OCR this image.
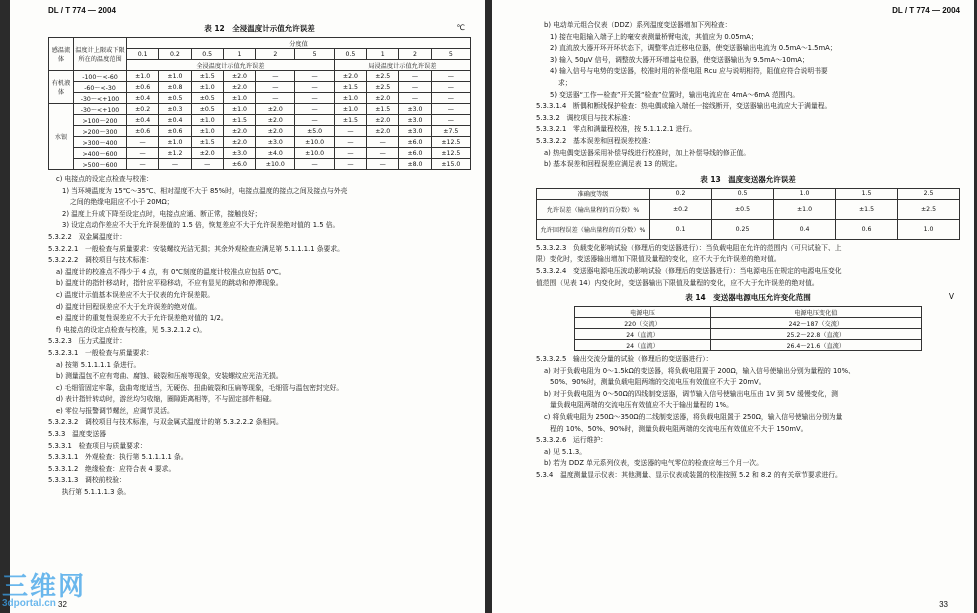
DL / T 774 — 2004
表 12　全浸温度计示值允许误差	℃
感温流体	温度计上限或下限所在的温度范围	分度值									
		0.1	0.2	0.5	1	2	5	0.5	1	2	5
		全浸温度计示值允许误差						局浸温度计示值允许误差			
有机液体	-100～<-60	±1.0	±1.0	±1.5	±2.0	—	—	±2.0	±2.5	—	—
	-60～<-30	±0.6	±0.8	±1.0	±2.0	—	—	±1.5	±2.5	—	—
	-30～<+100	±0.4	±0.5	±0.5	±1.0	—	—	±1.0	±2.0	—	—
水银	-30～<+100	±0.2	±0.3	±0.5	±1.0	±2.0	—	±1.0	±1.5	±3.0	—
	>100～200	±0.4	±0.4	±1.0	±1.5	±2.0	—	±1.5	±2.0	±3.0	—
	>200～300	±0.6	±0.6	±1.0	±2.0	±2.0	±5.0	—	±2.0	±3.0	±7.5
	>300～400	—	±1.0	±1.5	±2.0	±3.0	±10.0	—	—	±6.0	±12.5
	>400～600	—	±1.2	±2.0	±3.0	±4.0	±10.0	—	—	±6.0	±12.5
	>500～600	—	—	—	±6.0	±10.0	—	—	—	±8.0	±15.0

c) 电接点的设定点检查与校准：

1) 当环境温度为 15℃～35℃、相对湿度不大于 85%时，电接点温度的接点之间及接点与外壳

之间的绝缘电阻应不小于 20MΩ；

2) 温度上升或下降至设定点时，电接点应通、断正常，接触良好；

3) 设定点动作差应不大于允许误差值的 1.5 倍，恢复差应不大于允许误差绝对值的 1.5 倍。

5.3.2.2　双金属温度计：

5.3.2.2.1　一般检查与质量要求：安装螺纹光洁无损；其余外观检查应满足第 5.1.1.1.1 条要求。

5.3.2.2.2　调校项目与技术标准：

a) 温度计的校准点不得少于 4 点，有 0℃刻度的温度计校准点应包括 0℃。

b) 温度计的指针移动时，指针应平稳移动，不应有显见的跳动和停滞现象。

c) 温度计示值基本误差应不大于仪表的允许误差限。

d) 温度计回程误差应不大于允许误差的绝对值。

e) 温度计的重复性误差应不大于允许误差绝对值的 1/2。

f) 电接点的设定点检查与校准，见 5.3.2.1.2 c)。

5.3.2.3　压力式温度计：

5.3.2.3.1　一般检查与质量要求：

a) 按第 5.1.1.1.1 条进行。

b) 测量温包不应有弯曲、腐蚀、破裂和压痕等现象，安装螺纹应光洁无损。

c) 毛细管固定牢靠，盘曲弯度适当，无硬伤、扭曲破裂和压扁等现象，毛细管与温包密封完好。

d) 表计指针转动时，游丝均匀收缩，圈隙距离相等，不与固定部件相碰。

e) 零位与报警调节螺丝，应调节灵活。

5.3.2.3.2　调校项目与技术标准，与双金属式温度计的第 5.3.2.2.2 条相同。

5.3.3　温度变送器

5.3.3.1　检查项目与质量要求：

5.3.3.1.1　外观检查：执行第 5.1.1.1.1 条。

5.3.3.1.2　绝缘检查：应符合表 4 要求。

5.3.3.1.3　调校前校验：

　　执行第 5.1.1.1.3 条。

32
DL / T 774 — 2004

b) 电动单元组合仪表（DDZ）系列温度变送器增加下列检查：

1) 接在电阻输入端子上的毫安表测量桥臂电流，其值应为 0.05mA；

2) 直流放大器开环开环状态下，调整零点迁移电位器，使变送器输出电流为 0.5mA～1.5mA；

3) 输入 50μV 信号，调整放大器开环增益电位器，使变送器输出为 9.5mA～10mA；

4) 输入信号与电势的变送器，校准时用的补偿电阻 Rcu 应与说明相符，阻值应符合说明书要

求；

5) 变送器“工作—检查”开关置“检查”位置时，输出电流应在 4mA～6mA 范围内。

5.3.3.1.4　断偶和断线保护检查：热电偶或输入端任一接线断开，变送器输出电流应大于满量程。

5.3.3.2　调校项目与技术标准：

5.3.3.2.1　零点和满量程校准，按 5.1.1.2.1 进行。

5.3.3.2.2　基本误差和回程误差校准：

a) 热电偶变送器采用补偿导线进行校准时，加上补偿导线的修正值。

b) 基本误差和回程误差应满足表 13 的规定。

表 13　温度变送器允许误差
准确度等级	0.2	0.5	1.0	1.5	2.5
允许误差（输出量程的百分数）%	±0.2	±0.5	±1.0	±1.5	±2.5
允许回程误差（输出量程的百分数）%	0.1	0.25	0.4	0.6	1.0

5.3.3.2.3　负载变化影响试验（修理后的变送器进行）：当负载电阻在允许的范围内（可只试验下、上

限）变化时，变送器输出增加下限值及量程的变化，应不大于允许误差的绝对值。

5.3.3.2.4　变送器电源电压波动影响试验（修理后的变送器进行）：当电源电压在规定的电源电压变化

值范围（见表 14）内变化时，变送器输出下限值及量程的变化，应不大于允许误差的绝对值。

表 14　变送器电源电压允许变化范围	V
电源电压	电源电压变化值
220（交流）	242～187（交流）
24（直流）	25.2～22.8（直流）
24（直流）	26.4～21.6（直流）

5.3.3.2.5　输出交流分量的试验（修理后的变送器进行）：

a) 对于负载电阻为 0～1.5kΩ的变送器，将负载电阻置于 200Ω，输入信号使输出分别为量程的 10%、

50%、90%时，测量负载电阻两端的交流电压有效值应不大于 20mV。

b) 对于负载电阻为 0～50Ω的四线制变送器，调节输入信号使输出电压由 1V 到 5V 缓慢变化，测

量负载电阻两端的交流电压有效值应不大于输出量程的 1%。

c) 将负载电阻为 250Ω～350Ω的二线制变送器，将负载电阻置于 250Ω，输入信号使输出分别为量

程的 10%、50%、90%时，测量负载电阻两端的交流电压有效值应不大于 150mV。

5.3.3.2.6　运行维护：

a) 见 5.1.3。

b) 若为 DDZ 单元系列仪表，变送器的电气零位的检查应每三个月一次。

5.3.4　温度测量显示仪表：其他测量、显示仪表或装置的校准按照 5.2 和 8.2 的有关章节要求进行。

33
三维网
3dportal.cn
